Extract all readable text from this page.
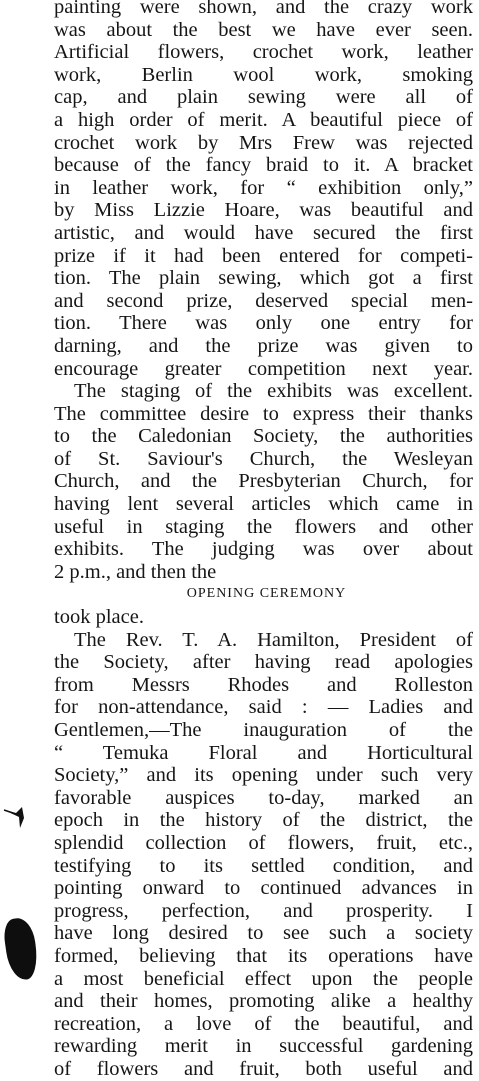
painting were shown, and the crazy work
was about the best we have ever seen.
Artificial flowers, crochet work, leather
work, Berlin wool work, smoking
cap, and plain sewing were all of
a high order of merit. A beautiful piece of
crochet work by Mrs Frew was rejected
because of the fancy braid to it. A bracket
in leather work, for “ exhibition only,”
by Miss Lizzie Hoare, was beautiful and
artistic, and would have secured the first
prize if it had been entered for competi-
tion. The plain sewing, which got a first
and second prize, deserved special men-
tion. There was only one entry for
darning, and the prize was given to
encourage greater competition next year.
The staging of the exhibits was excellent.
The committee desire to express their thanks
to the Caledonian Society, the authorities
of St. Saviour's Church, the Wesleyan
Church, and the Presbyterian Church, for
having lent several articles which came in
useful in staging the flowers and other
exhibits. The judging was over about
2 p.m., and then the
OPENING CEREMONY
took place.
The Rev. T. A. Hamilton, President of
the Society, after having read apologies
from Messrs Rhodes and Rolleston
for non-attendance, said : — Ladies and
Gentlemen,—The inauguration of the
“ Temuka Floral and Horticultural
Society,” and its opening under such very
favorable auspices to-day, marked an
epoch in the history of the district, the
splendid collection of flowers, fruit, etc.,
testifying to its settled condition, and
pointing onward to continued advances in
progress, perfection, and prosperity. I
have long desired to see such a society
formed, believing that its operations have
a most beneficial effect upon the people
and their homes, promoting alike a healthy
recreation, a love of the beautiful, and
rewarding merit in successful gardening
of flowers and fruit, both useful and
